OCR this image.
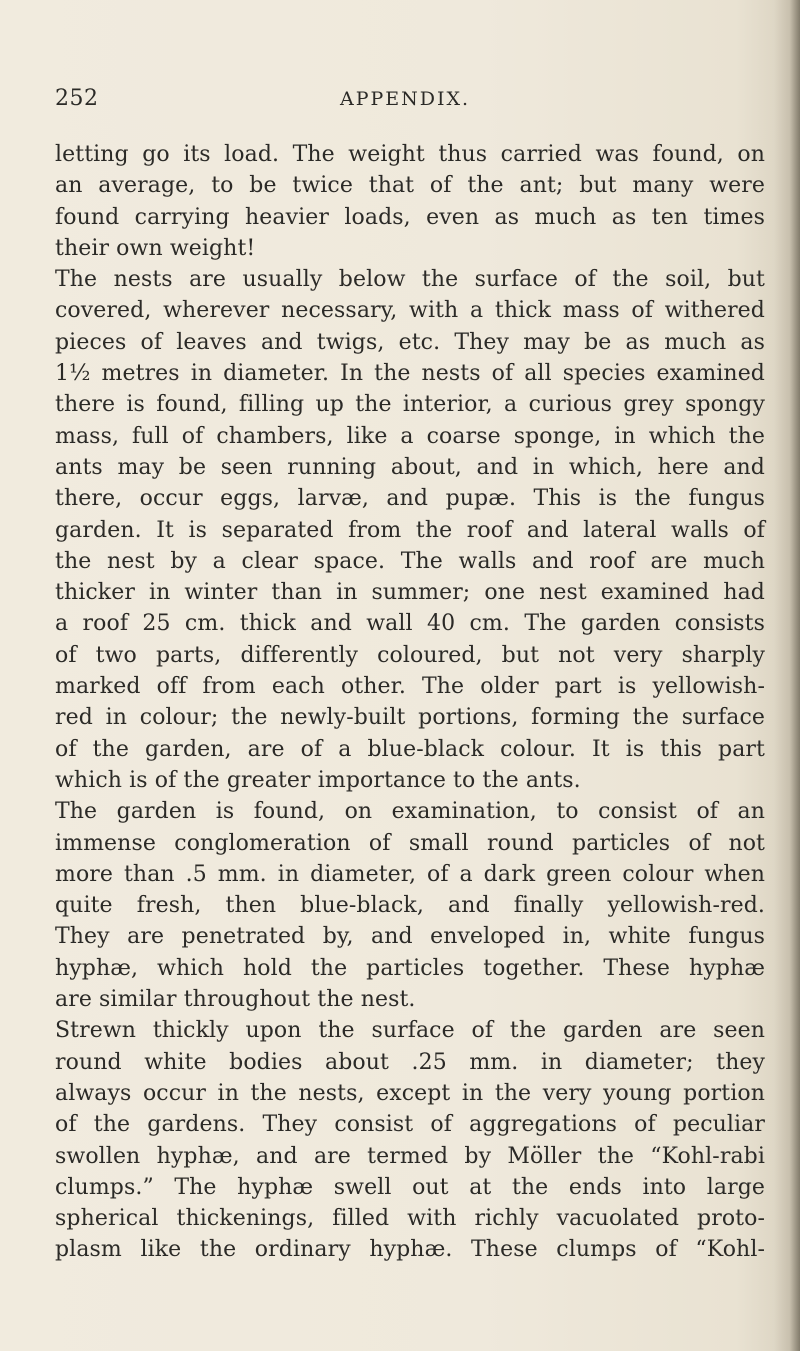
252	APPENDIX.
letting go its load. The weight thus carried was found, on
an average, to be twice that of the ant; but many were
found carrying heavier loads, even as much as ten times
their own weight!
The nests are usually below the surface of the soil, but
covered, wherever necessary, with a thick mass of withered
pieces of leaves and twigs, etc. They may be as much as
1½ metres in diameter. In the nests of all species examined
there is found, filling up the interior, a curious grey spongy
mass, full of chambers, like a coarse sponge, in which the
ants may be seen running about, and in which, here and
there, occur eggs, larvæ, and pupæ. This is the fungus
garden. It is separated from the roof and lateral walls of
the nest by a clear space. The walls and roof are much
thicker in winter than in summer; one nest examined had
a roof 25 cm. thick and wall 40 cm. The garden consists
of two parts, differently coloured, but not very sharply
marked off from each other. The older part is yellowish-
red in colour; the newly-built portions, forming the surface
of the garden, are of a blue-black colour. It is this part
which is of the greater importance to the ants.
The garden is found, on examination, to consist of an
immense conglomeration of small round particles of not
more than .5 mm. in diameter, of a dark green colour when
quite fresh, then blue-black, and finally yellowish-red.
They are penetrated by, and enveloped in, white fungus
hyphæ, which hold the particles together. These hyphæ
are similar throughout the nest.
Strewn thickly upon the surface of the garden are seen
round white bodies about .25 mm. in diameter; they
always occur in the nests, except in the very young portion
of the gardens. They consist of aggregations of peculiar
swollen hyphæ, and are termed by Möller the “Kohl-rabi
clumps.” The hyphæ swell out at the ends into large
spherical thickenings, filled with richly vacuolated proto-
plasm like the ordinary hyphæ. These clumps of “Kohl-
